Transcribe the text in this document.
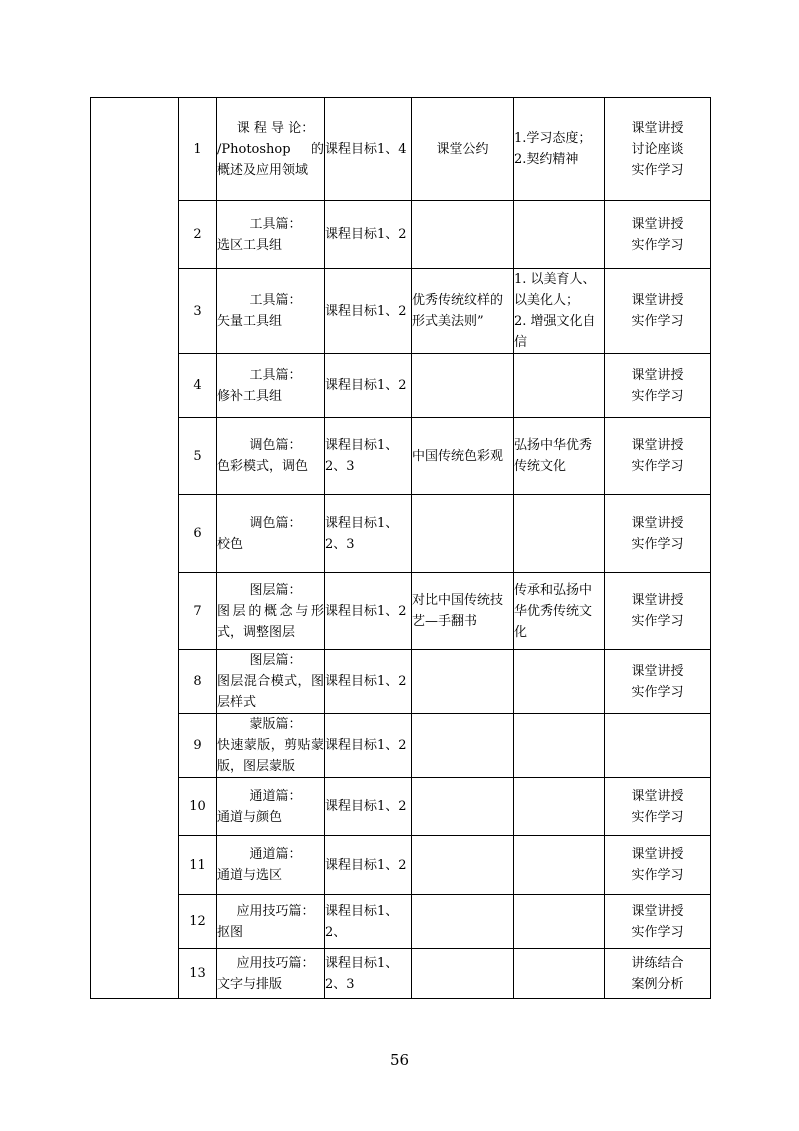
	1	课 程 导 论：
/Photoshop 的 概述及应用领域	课程目标1、4	课堂公约	1.学习态度；
2.契约精神	课堂讲授
讨论座谈
实作学习

	2	工具篇：
选区工具组	课程目标1、2			课堂讲授
实作学习

	3	工具篇：
矢量工具组	课程目标1、2	优秀传统纹样的形式美法则”	1. 以美育人、以美化人；
2. 增强文化自信	课堂讲授
实作学习

	4	工具篇：
修补工具组	课程目标1、2			课堂讲授
实作学习

	5	调色篇：
色彩模式，调色	课程目标1、2、3	中国传统色彩观	弘扬中华优秀传统文化	课堂讲授
实作学习

	6	调色篇：
校色	课程目标1、2、3			课堂讲授
实作学习

	7	图层篇：
图层的概念与形式，调整图层	课程目标1、2	对比中国传统技艺—手翻书	传承和弘扬中华优秀传统文化	课堂讲授
实作学习

	8	图层篇：
图层混合模式，图层样式	课程目标1、2			课堂讲授
实作学习

	9	蒙版篇：
快速蒙版，剪贴蒙版，图层蒙版	课程目标1、2			

	10	通道篇：
通道与颜色	课程目标1、2			课堂讲授
实作学习

	11	通道篇：
通道与选区	课程目标1、2			课堂讲授
实作学习

	12	应用技巧篇：
抠图	课程目标1、2、			课堂讲授
实作学习

	13	应用技巧篇：
文字与排版	课程目标1、2、3			讲练结合
案例分析
56
